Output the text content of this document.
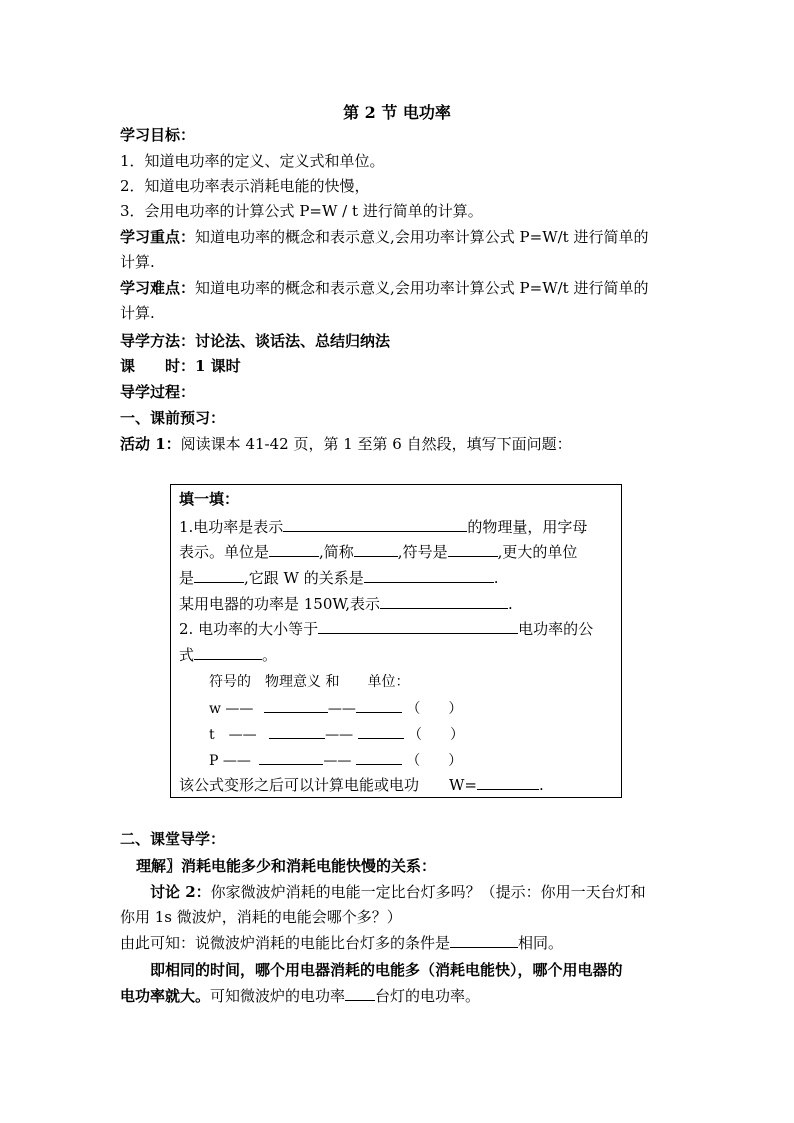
第 2 节 电功率
学习目标：
1．知道电功率的定义、定义式和单位。
2．知道电功率表示消耗电能的快慢，
3．会用电功率的计算公式 P=W / t 进行简单的计算。
学习重点：知道电功率的概念和表示意义,会用功率计算公式 P=W/t 进行简单的
计算.
学习难点：知道电功率的概念和表示意义,会用功率计算公式 P=W/t 进行简单的
计算.
导学方法：讨论法、谈话法、总结归纳法
课　　时：1 课时
导学过程：
一、课前预习：
活动 1：阅读课本 41-42 页，第 1 至第 6 自然段，填写下面问题：
填一填：
1.电功率是表示	的物理量，用字母
表示。单位是	,简称	,符号是	,更大的单位
是	,它跟 W 的关系是	.
某用电器的功率是 150W,表示	.
2. 电功率的大小等于	电功率的公
式	。
符号的　物理意义 和　　单位：
w ——	——	（　　）
t　——	——	（　　）
P ——	——	（　　）
该公式变形之后可以计算电能或电功　　W=	.
二、课堂导学：
理解〗消耗电能多少和消耗电能快慢的关系：
讨论 2：你家微波炉消耗的电能一定比台灯多吗？（提示：你用一天台灯和
你用 1s 微波炉，消耗的电能会哪个多？）
由此可知：说微波炉消耗的电能比台灯多的条件是	相同。
即相同的时间，哪个用电器消耗的电能多（消耗电能快），哪个用电器的
电功率就大。可知微波炉的电功率 台灯的电功率。
